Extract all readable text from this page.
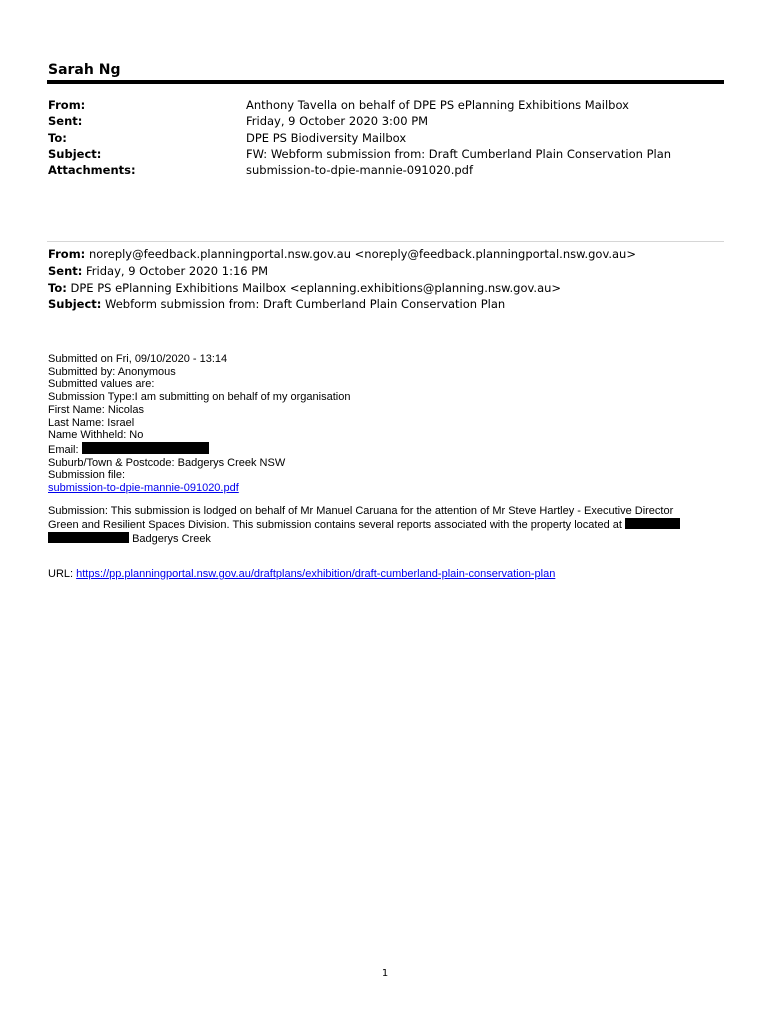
Sarah Ng
From:	Anthony Tavella on behalf of DPE PS ePlanning Exhibitions Mailbox
Sent:	Friday, 9 October 2020 3:00 PM
To:	DPE PS Biodiversity Mailbox
Subject:	FW: Webform submission from: Draft Cumberland Plain Conservation Plan
Attachments:	submission-to-dpie-mannie-091020.pdf
From: noreply@feedback.planningportal.nsw.gov.au <noreply@feedback.planningportal.nsw.gov.au>
Sent: Friday, 9 October 2020 1:16 PM
To: DPE PS ePlanning Exhibitions Mailbox <eplanning.exhibitions@planning.nsw.gov.au>
Subject: Webform submission from: Draft Cumberland Plain Conservation Plan
Submitted on Fri, 09/10/2020 - 13:14
Submitted by: Anonymous
Submitted values are:
Submission Type:I am submitting on behalf of my organisation
First Name: Nicolas
Last Name: Israel
Name Withheld: No
Email:
Suburb/Town & Postcode: Badgerys Creek NSW
Submission file:
submission-to-dpie-mannie-091020.pdf
Submission: This submission is lodged on behalf of Mr Manuel Caruana for the attention of Mr Steve Hartley - Executive Director
Green and Resilient Spaces Division. This submission contains several reports associated with the property located at
Badgerys Creek
URL: https://pp.planningportal.nsw.gov.au/draftplans/exhibition/draft-cumberland-plain-conservation-plan
1
